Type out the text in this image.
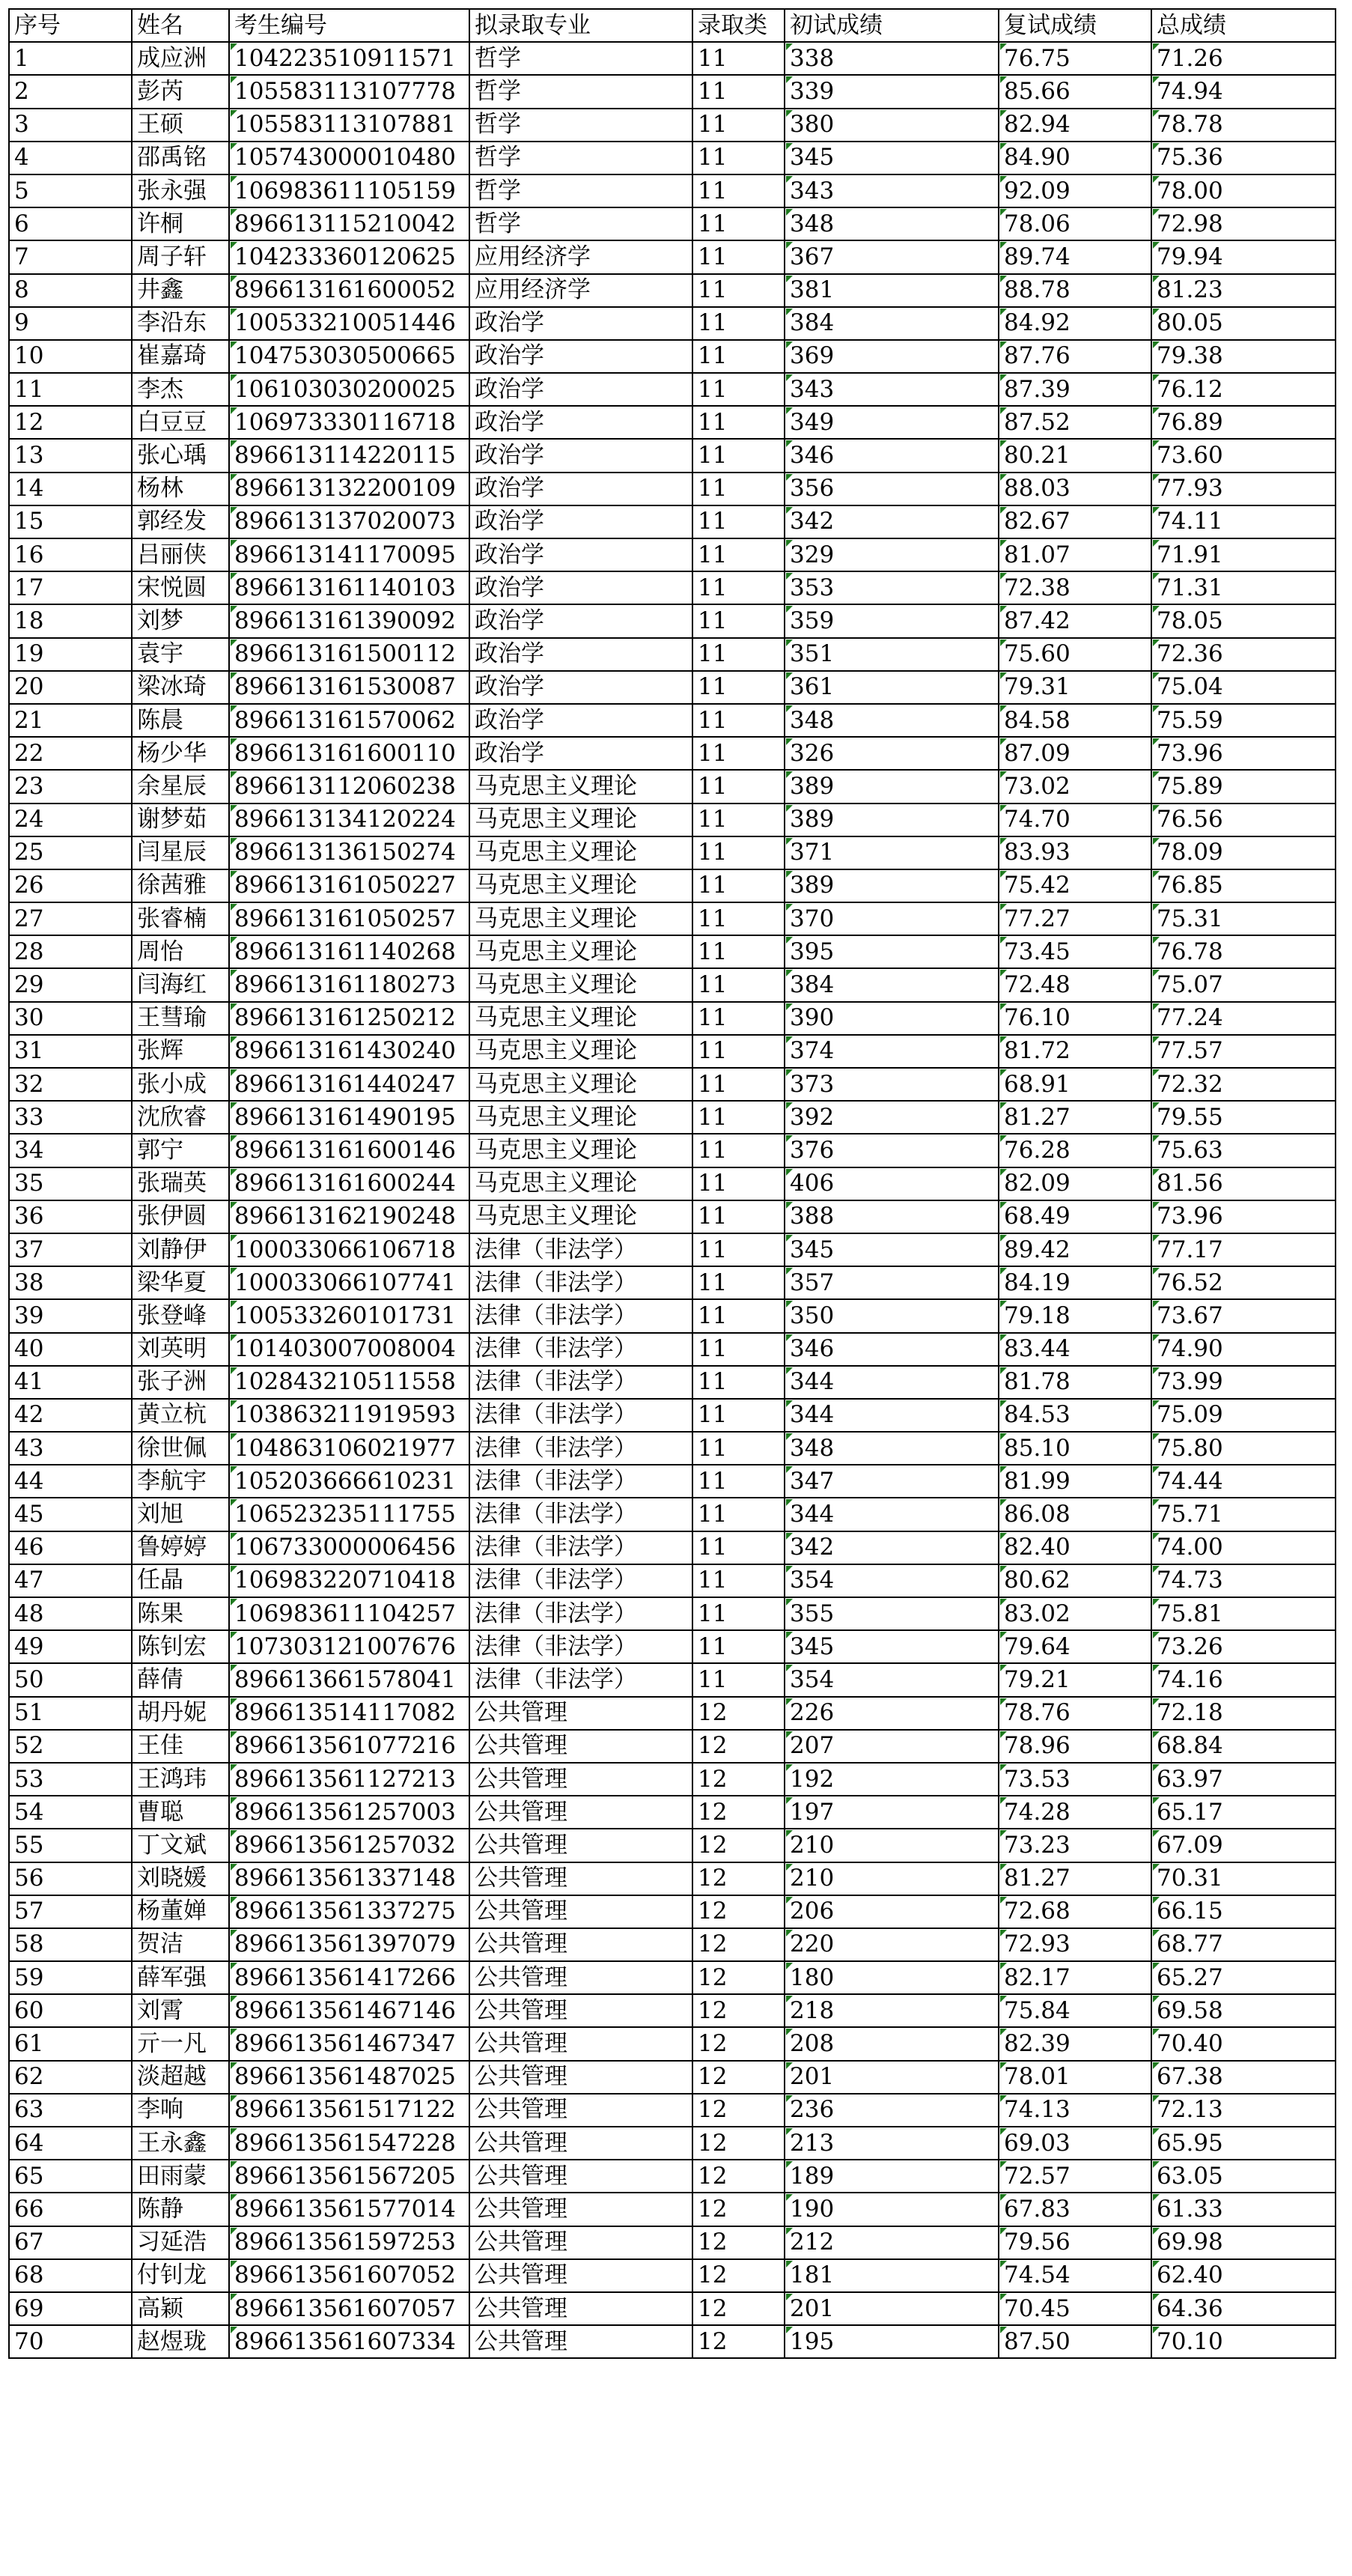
序号	姓名	考生编号	拟录取专业	录取类	初试成绩	复试成绩	总成绩
1	成应洲	104223510911571	哲学	11	338	76.75	71.26
2	彭芮	105583113107778	哲学	11	339	85.66	74.94
3	王硕	105583113107881	哲学	11	380	82.94	78.78
4	邵禹铭	105743000010480	哲学	11	345	84.90	75.36
5	张永强	106983611105159	哲学	11	343	92.09	78.00
6	许桐	896613115210042	哲学	11	348	78.06	72.98
7	周子轩	104233360120625	应用经济学	11	367	89.74	79.94
8	井鑫	896613161600052	应用经济学	11	381	88.78	81.23
9	李沿东	100533210051446	政治学	11	384	84.92	80.05
10	崔嘉琦	104753030500665	政治学	11	369	87.76	79.38
11	李杰	106103030200025	政治学	11	343	87.39	76.12
12	白豆豆	106973330116718	政治学	11	349	87.52	76.89
13	张心瑀	896613114220115	政治学	11	346	80.21	73.60
14	杨林	896613132200109	政治学	11	356	88.03	77.93
15	郭经发	896613137020073	政治学	11	342	82.67	74.11
16	吕丽侠	896613141170095	政治学	11	329	81.07	71.91
17	宋悦圆	896613161140103	政治学	11	353	72.38	71.31
18	刘梦	896613161390092	政治学	11	359	87.42	78.05
19	袁宇	896613161500112	政治学	11	351	75.60	72.36
20	梁冰琦	896613161530087	政治学	11	361	79.31	75.04
21	陈晨	896613161570062	政治学	11	348	84.58	75.59
22	杨少华	896613161600110	政治学	11	326	87.09	73.96
23	余星辰	896613112060238	马克思主义理论	11	389	73.02	75.89
24	谢梦茹	896613134120224	马克思主义理论	11	389	74.70	76.56
25	闫星辰	896613136150274	马克思主义理论	11	371	83.93	78.09
26	徐茜雅	896613161050227	马克思主义理论	11	389	75.42	76.85
27	张睿楠	896613161050257	马克思主义理论	11	370	77.27	75.31
28	周怡	896613161140268	马克思主义理论	11	395	73.45	76.78
29	闫海红	896613161180273	马克思主义理论	11	384	72.48	75.07
30	王彗瑜	896613161250212	马克思主义理论	11	390	76.10	77.24
31	张辉	896613161430240	马克思主义理论	11	374	81.72	77.57
32	张小成	896613161440247	马克思主义理论	11	373	68.91	72.32
33	沈欣睿	896613161490195	马克思主义理论	11	392	81.27	79.55
34	郭宁	896613161600146	马克思主义理论	11	376	76.28	75.63
35	张瑞英	896613161600244	马克思主义理论	11	406	82.09	81.56
36	张伊圆	896613162190248	马克思主义理论	11	388	68.49	73.96
37	刘静伊	100033066106718	法律（非法学）	11	345	89.42	77.17
38	梁华夏	100033066107741	法律（非法学）	11	357	84.19	76.52
39	张登峰	100533260101731	法律（非法学）	11	350	79.18	73.67
40	刘英明	101403007008004	法律（非法学）	11	346	83.44	74.90
41	张子洲	102843210511558	法律（非法学）	11	344	81.78	73.99
42	黄立杭	103863211919593	法律（非法学）	11	344	84.53	75.09
43	徐世佩	104863106021977	法律（非法学）	11	348	85.10	75.80
44	李航宇	105203666610231	法律（非法学）	11	347	81.99	74.44
45	刘旭	106523235111755	法律（非法学）	11	344	86.08	75.71
46	鲁婷婷	106733000006456	法律（非法学）	11	342	82.40	74.00
47	任晶	106983220710418	法律（非法学）	11	354	80.62	74.73
48	陈果	106983611104257	法律（非法学）	11	355	83.02	75.81
49	陈钊宏	107303121007676	法律（非法学）	11	345	79.64	73.26
50	薛倩	896613661578041	法律（非法学）	11	354	79.21	74.16
51	胡丹妮	896613514117082	公共管理	12	226	78.76	72.18
52	王佳	896613561077216	公共管理	12	207	78.96	68.84
53	王鸿玮	896613561127213	公共管理	12	192	73.53	63.97
54	曹聪	896613561257003	公共管理	12	197	74.28	65.17
55	丁文斌	896613561257032	公共管理	12	210	73.23	67.09
56	刘晓媛	896613561337148	公共管理	12	210	81.27	70.31
57	杨董婵	896613561337275	公共管理	12	206	72.68	66.15
58	贺洁	896613561397079	公共管理	12	220	72.93	68.77
59	薛军强	896613561417266	公共管理	12	180	82.17	65.27
60	刘霄	896613561467146	公共管理	12	218	75.84	69.58
61	亓一凡	896613561467347	公共管理	12	208	82.39	70.40
62	淡超越	896613561487025	公共管理	12	201	78.01	67.38
63	李响	896613561517122	公共管理	12	236	74.13	72.13
64	王永鑫	896613561547228	公共管理	12	213	69.03	65.95
65	田雨蒙	896613561567205	公共管理	12	189	72.57	63.05
66	陈静	896613561577014	公共管理	12	190	67.83	61.33
67	习延浩	896613561597253	公共管理	12	212	79.56	69.98
68	付钊龙	896613561607052	公共管理	12	181	74.54	62.40
69	高颖	896613561607057	公共管理	12	201	70.45	64.36
70	赵煜珑	896613561607334	公共管理	12	195	87.50	70.10
